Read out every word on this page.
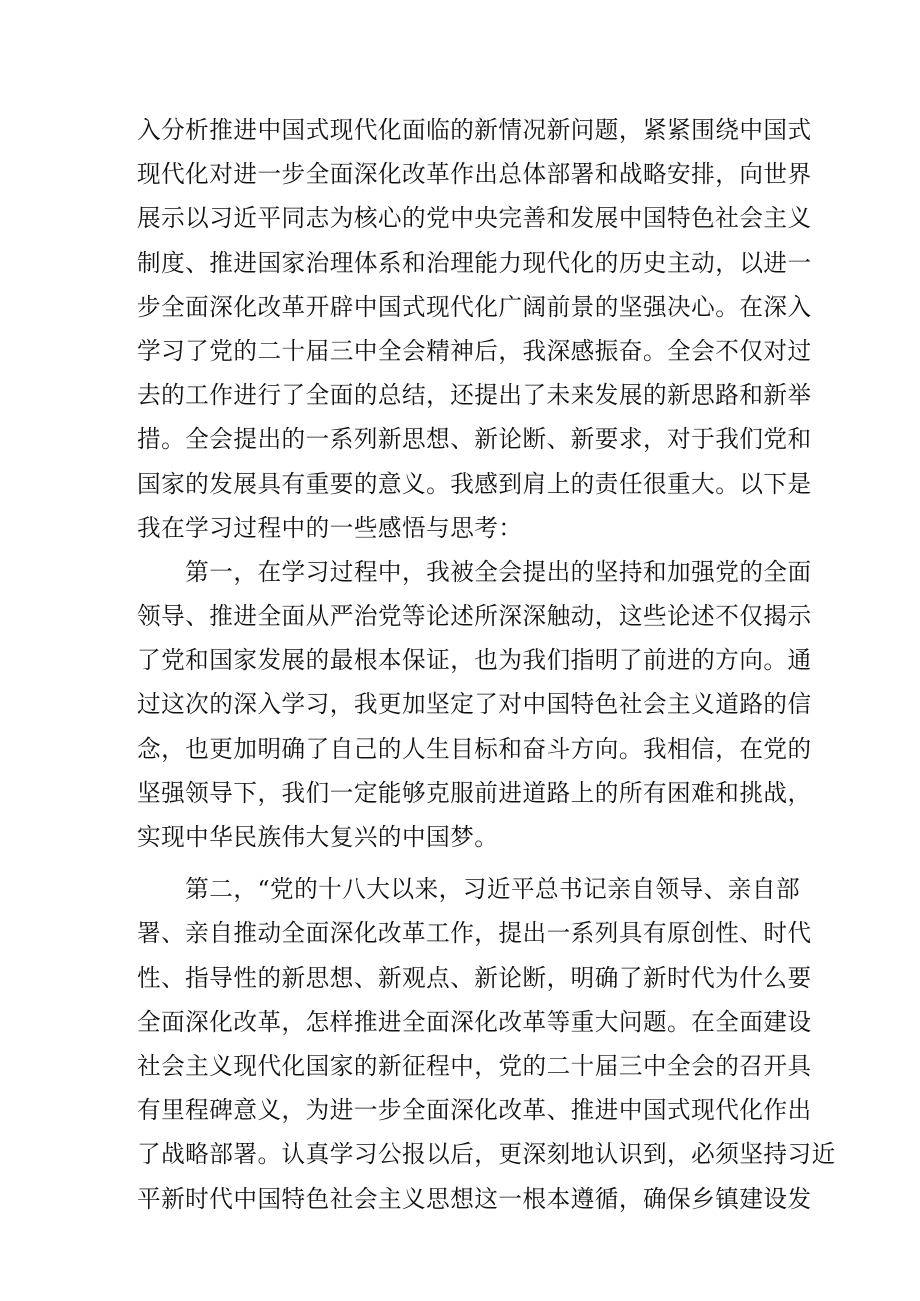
入分析推进中国式现代化面临的新情况新问题，紧紧围绕中国式
现代化对进一步全面深化改革作出总体部署和战略安排，向世界
展示以习近平同志为核心的党中央完善和发展中国特色社会主义
制度、推进国家治理体系和治理能力现代化的历史主动，以进一
步全面深化改革开辟中国式现代化广阔前景的坚强决心。在深入
学习了党的二十届三中全会精神后，我深感振奋。全会不仅对过
去的工作进行了全面的总结，还提出了未来发展的新思路和新举
措。全会提出的一系列新思想、新论断、新要求，对于我们党和
国家的发展具有重要的意义。我感到肩上的责任很重大。以下是
我在学习过程中的一些感悟与思考：
　　第一，在学习过程中，我被全会提出的坚持和加强党的全面
领导、推进全面从严治党等论述所深深触动，这些论述不仅揭示
了党和国家发展的最根本保证，也为我们指明了前进的方向。通
过这次的深入学习，我更加坚定了对中国特色社会主义道路的信
念，也更加明确了自己的人生目标和奋斗方向。我相信，在党的
坚强领导下，我们一定能够克服前进道路上的所有困难和挑战，
实现中华民族伟大复兴的中国梦。
　　第二，“党的十八大以来，习近平总书记亲自领导、亲自部
署、亲自推动全面深化改革工作，提出一系列具有原创性、时代
性、指导性的新思想、新观点、新论断，明确了新时代为什么要
全面深化改革，怎样推进全面深化改革等重大问题。在全面建设
社会主义现代化国家的新征程中，党的二十届三中全会的召开具
有里程碑意义，为进一步全面深化改革、推进中国式现代化作出
了战略部署。认真学习公报以后，更深刻地认识到，必须坚持习近
平新时代中国特色社会主义思想这一根本遵循，确保乡镇建设发
